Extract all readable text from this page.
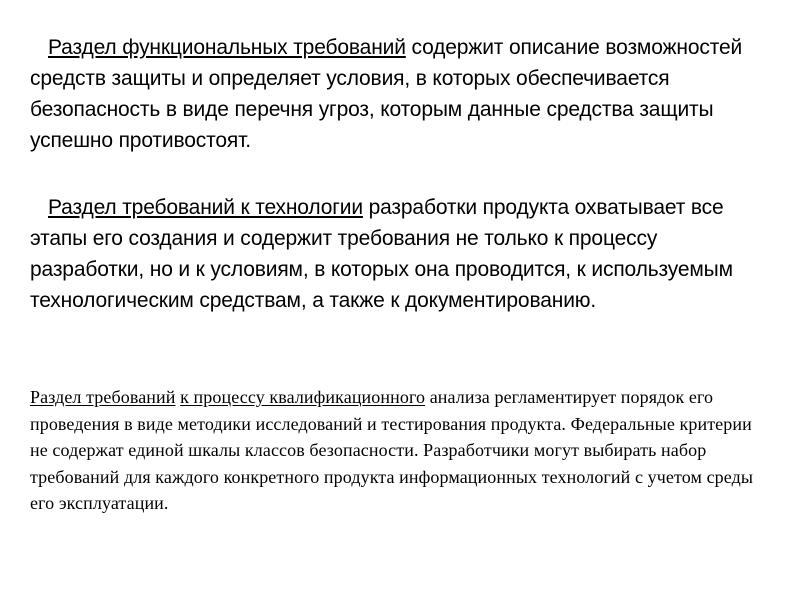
Раздел функциональных требований содержит описание возможностей средств защиты и определяет условия, в которых обеспечивается безопасность в виде перечня угроз, которым данные средства защиты успешно противостоят.

Раздел требований к технологии разработки продукта охватывает все этапы его создания и содержит требования не только к процессу разработки, но и к условиям, в которых она проводится, к используемым технологическим средствам, а также к документированию.

Раздел требований к процессу квалификационного анализа регламентирует порядок его проведения в виде методики исследований и тестирования продукта. Федеральные критерии не содержат единой шкалы классов безопасности. Разработчики могут выбирать набор требований для каждого конкретного продукта информационных технологий с учетом среды его эксплуатации.
